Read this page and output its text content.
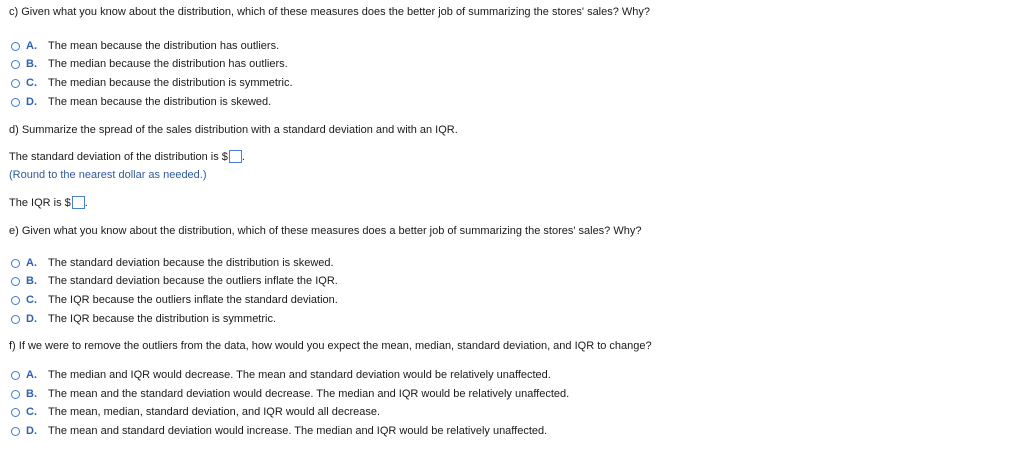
c) Given what you know about the distribution, which of these measures does the better job of summarizing the stores' sales? Why?
A.	The mean because the distribution has outliers.
B.	The median because the distribution has outliers.
C.	The median because the distribution is symmetric.
D.	The mean because the distribution is skewed.
d) Summarize the spread of the sales distribution with a standard deviation and with an IQR.
The standard deviation of the distribution is $ .
(Round to the nearest dollar as needed.)
The IQR is $ .
e) Given what you know about the distribution, which of these measures does a better job of summarizing the stores' sales? Why?
A.	The standard deviation because the distribution is skewed.
B.	The standard deviation because the outliers inflate the IQR.
C.	The IQR because the outliers inflate the standard deviation.
D.	The IQR because the distribution is symmetric.
f) If we were to remove the outliers from the data, how would you expect the mean, median, standard deviation, and IQR to change?
A.	The median and IQR would decrease. The mean and standard deviation would be relatively unaffected.
B.	The mean and the standard deviation would decrease. The median and IQR would be relatively unaffected.
C.	The mean, median, standard deviation, and IQR would all decrease.
D.	The mean and standard deviation would increase. The median and IQR would be relatively unaffected.
